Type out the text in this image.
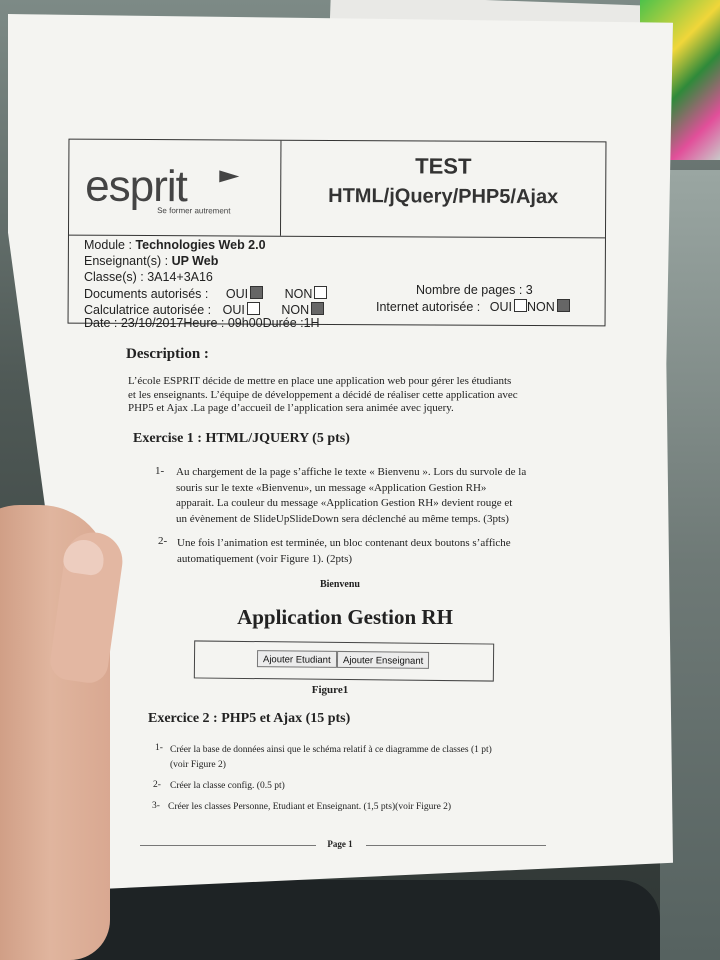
esprit
Se former autrement
TEST
HTML/jQuery/PHP5/Ajax
Module : Technologies Web 2.0
Enseignant(s) : UP Web
Classe(s) : 3A14+3A16
Documents autorisés : OUI	NON
Calculatrice autorisée : OUI	NON
Nombre de pages : 3
Internet autorisée : OUI NON
Date : 23/10/2017Heure : 09h00Durée :1H
Description :
L’école ESPRIT décide de mettre en place une application web pour gérer les étudiants
et les enseignants. L’équipe de développement a décidé de réaliser cette application avec
PHP5 et Ajax .La page d’accueil de l’application sera animée avec jquery.
Exercise 1 : HTML/JQUERY (5 pts)
1- Au chargement de la page s’affiche le texte « Bienvenu ». Lors du survole de la
souris sur le texte «Bienvenu», un message «Application Gestion RH»
apparait. La couleur du message «Application Gestion RH» devient rouge et
un évènement de SlideUpSlideDown sera déclenché au même temps. (3pts)
2- Une fois l’animation est terminée, un bloc contenant deux boutons s’affiche
automatiquement (voir Figure 1). (2pts)
Bienvenu
Application Gestion RH
Ajouter Etudiant	Ajouter Enseignant
Figure1
Exercice 2 : PHP5 et Ajax (15 pts)
1- Créer la base de données ainsi que le schéma relatif à ce diagramme de classes (1 pt)
(voir Figure 2)
2- Créer la classe config. (0.5 pt)
3- Créer les classes Personne, Etudiant et Enseignant. (1,5 pts)(voir Figure 2)
Page 1
